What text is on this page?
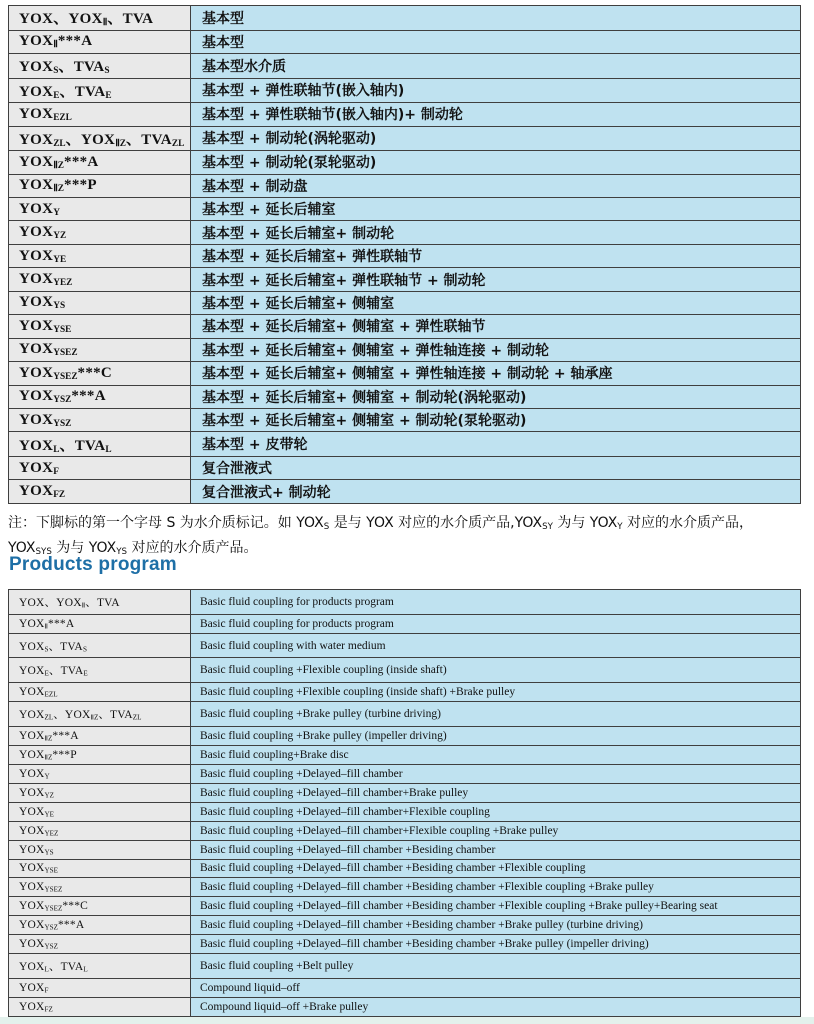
YOX、$YOX_Ⅱ$、TVA	基本型
$YOX_Ⅱ***A$	基本型
$YOX_S$、$TVA_S$	基本型水介质
$YOX_E$、$TVA_E$	基本型 + 弹性联轴节(嵌入轴内)
$YOX_{EZL}$	基本型 + 弹性联轴节(嵌入轴内)+ 制动轮
$YOX_{ZL}$、$YOX_{ⅡZ}$、$TVA_{ZL}$	基本型 + 制动轮(涡轮驱动)
$YOX_{ⅡZ}***A$	基本型 + 制动轮(泵轮驱动)
$YOX_{ⅡZ}***P$	基本型 + 制动盘
$YOX_Y$	基本型 + 延长后辅室
$YOX_{YZ}$	基本型 + 延长后辅室+ 制动轮
$YOX_{YE}$	基本型 + 延长后辅室+ 弹性联轴节
$YOX_{YEZ}$	基本型 + 延长后辅室+ 弹性联轴节 + 制动轮
$YOX_{YS}$	基本型 + 延长后辅室+ 侧辅室
$YOX_{YSE}$	基本型 + 延长后辅室+ 侧辅室 + 弹性联轴节
$YOX_{YSEZ}$	基本型 + 延长后辅室+ 侧辅室 + 弹性轴连接 + 制动轮
$YOX_{YSEZ}***C$	基本型 + 延长后辅室+ 侧辅室 + 弹性轴连接 + 制动轮 + 轴承座
$YOX_{YSZ}***A$	基本型 + 延长后辅室+ 侧辅室 + 制动轮(涡轮驱动)
$YOX_{YSZ}$	基本型 + 延长后辅室+ 侧辅室 + 制动轮(泵轮驱动)
$YOX_L$、$TVA_L$	基本型 + 皮带轮
$YOX_F$	复合泄液式
$YOX_{FZ}$	复合泄液式+ 制动轮
注：下脚标的第一个字母 S 为水介质标记。如 $YOX_S$ 是与 YOX 对应的水介质产品$,YOX_{SY}$ 为与 $YOX_Y$ 对应的水介质产品，
$YOX_{SYS}$ 为与 $YOX_{YS}$ 对应的水介质产品。
Products program
YOX、$YOX_Ⅱ$、TVA	Basic fluid coupling for products program
$YOX_Ⅱ***A$	Basic fluid coupling for products program
$YOX_S$、$TVA_S$	Basic fluid coupling with water medium
$YOX_E$、$TVA_E$	Basic fluid coupling +Flexible coupling (inside shaft)
$YOX_{EZL}$	Basic fluid coupling +Flexible coupling (inside shaft) +Brake pulley
$YOX_{ZL}$、$YOX_{ⅡZ}$、$TVA_{ZL}$	Basic fluid coupling +Brake pulley (turbine driving)
$YOX_{ⅡZ}***A$	Basic fluid coupling +Brake pulley (impeller driving)
$YOX_{ⅡZ}***P$	Basic fluid coupling+Brake disc
$YOX_Y$	Basic fluid coupling +Delayed–fill chamber
$YOX_{YZ}$	Basic fluid coupling +Delayed–fill chamber+Brake pulley
$YOX_{YE}$	Basic fluid coupling +Delayed–fill chamber+Flexible coupling
$YOX_{YEZ}$	Basic fluid coupling +Delayed–fill chamber+Flexible coupling +Brake pulley
$YOX_{YS}$	Basic fluid coupling +Delayed–fill chamber +Besiding chamber
$YOX_{YSE}$	Basic fluid coupling +Delayed–fill chamber +Besiding chamber +Flexible coupling
$YOX_{YSEZ}$	Basic fluid coupling +Delayed–fill chamber +Besiding chamber +Flexible coupling +Brake pulley
$YOX_{YSEZ}***C$	Basic fluid coupling +Delayed–fill chamber +Besiding chamber +Flexible coupling +Brake pulley+Bearing seat
$YOX_{YSZ}***A$	Basic fluid coupling +Delayed–fill chamber +Besiding chamber +Brake pulley (turbine driving)
$YOX_{YSZ}$	Basic fluid coupling +Delayed–fill chamber +Besiding chamber +Brake pulley (impeller driving)
$YOX_L$、$TVA_L$	Basic fluid coupling +Belt pulley
$YOX_F$	Compound liquid–off
$YOX_{FZ}$	Compound liquid–off +Brake pulley
